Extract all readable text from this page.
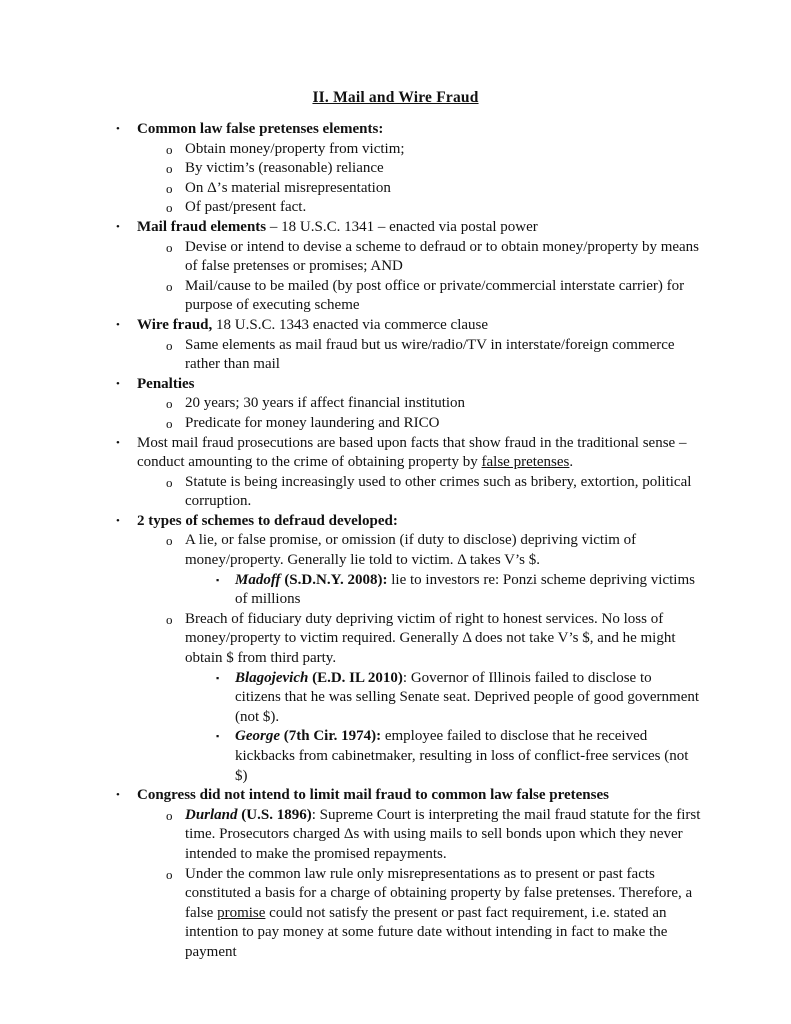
II. Mail and Wire Fraud
• Common law false pretenses elements:
o Obtain money/property from victim;
o By victim’s (reasonable) reliance
o On Δ’s material misrepresentation
o Of past/present fact.
• Mail fraud elements – 18 U.S.C. 1341 – enacted via postal power
o Devise or intend to devise a scheme to defraud or to obtain money/property by means of false pretenses or promises; AND
o Mail/cause to be mailed (by post office or private/commercial interstate carrier) for purpose of executing scheme
• Wire fraud, 18 U.S.C. 1343 enacted via commerce clause
o Same elements as mail fraud but us wire/radio/TV in interstate/foreign commerce rather than mail
• Penalties
o 20 years; 30 years if affect financial institution
o Predicate for money laundering and RICO
• Most mail fraud prosecutions are based upon facts that show fraud in the traditional sense – conduct amounting to the crime of obtaining property by false pretenses.
o Statute is being increasingly used to other crimes such as bribery, extortion, political corruption.
• 2 types of schemes to defraud developed:
o A lie, or false promise, or omission (if duty to disclose) depriving victim of money/property. Generally lie told to victim. Δ takes V’s $.
▪ Madoff (S.D.N.Y. 2008): lie to investors re: Ponzi scheme depriving victims of millions
o Breach of fiduciary duty depriving victim of right to honest services. No loss of money/property to victim required. Generally Δ does not take V’s $, and he might obtain $ from third party.
▪ Blagojevich (E.D. IL 2010): Governor of Illinois failed to disclose to citizens that he was selling Senate seat. Deprived people of good government (not $).
▪ George (7th Cir. 1974): employee failed to disclose that he received kickbacks from cabinetmaker, resulting in loss of conflict-free services (not $)
• Congress did not intend to limit mail fraud to common law false pretenses
o Durland (U.S. 1896): Supreme Court is interpreting the mail fraud statute for the first time. Prosecutors charged Δs with using mails to sell bonds upon which they never intended to make the promised repayments.
o Under the common law rule only misrepresentations as to present or past facts constituted a basis for a charge of obtaining property by false pretenses. Therefore, a false promise could not satisfy the present or past fact requirement, i.e. stated an intention to pay money at some future date without intending in fact to make the payment
